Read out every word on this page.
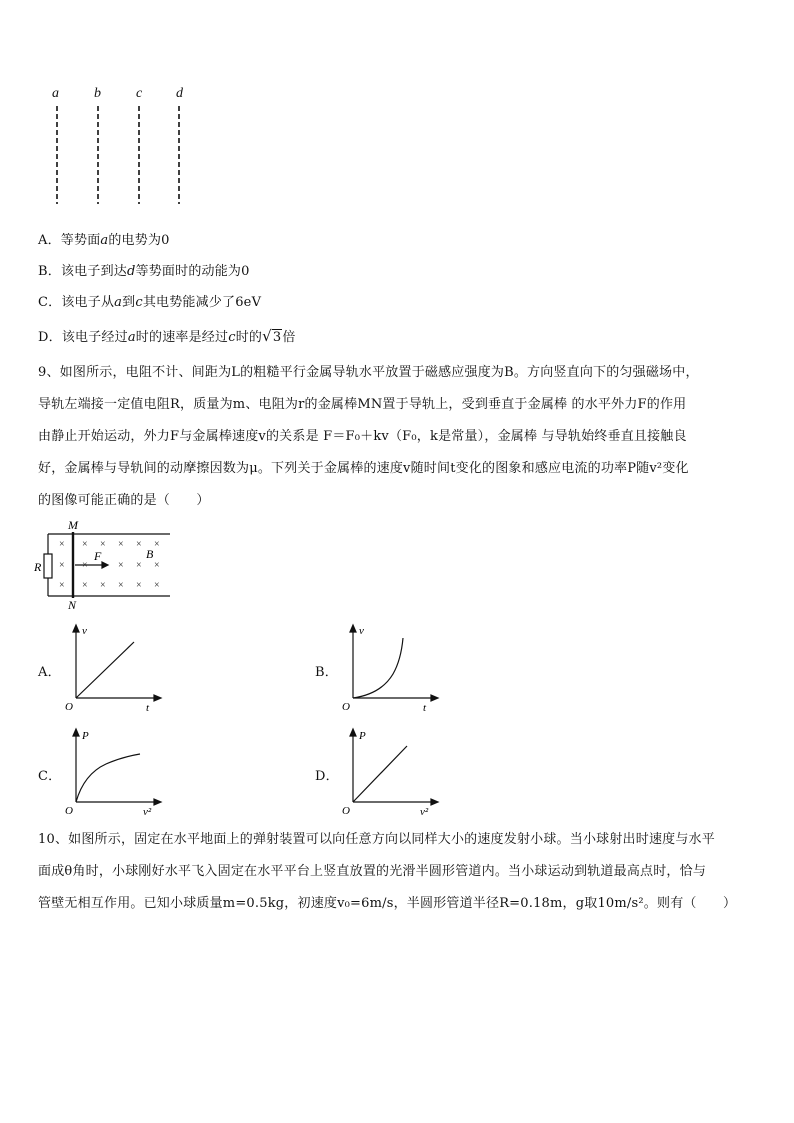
a	b	c d
A．等势面a的电势为0
B．该电子到达d等势面时的动能为0
C．该电子从a到c其电势能减少了6eV
D．该电子经过a时的速率是经过c时的√3倍
9、如图所示，电阻不计、间距为L的粗糙平行金属导轨水平放置于磁感应强度为B。方向竖直向下的匀强磁场中，
导轨左端接一定值电阻R，质量为m、电阻为r的金属棒MN置于导轨上，受到垂直于金属棒 的水平外力F的作用
由静止开始运动，外力F与金属棒速度v的关系是 F＝F₀＋kv（F₀，k是常量），金属棒 与导轨始终垂直且接触良
好，金属棒与导轨间的动摩擦因数为μ。下列关于金属棒的速度v随时间t变化的图象和感应电流的功率P随v²变化
的图像可能正确的是（　　）
×
×
×
× × × × ×
×	× × ×
× × × × ×
M
N
R
F	B
A．
v
t
O
B．
v
t
O
C．
P
v²
O
D．
P
v²
O
10、如图所示，固定在水平地面上的弹射装置可以向任意方向以同样大小的速度发射小球。当小球射出时速度与水平
面成θ角时，小球刚好水平飞入固定在水平平台上竖直放置的光滑半圆形管道内。当小球运动到轨道最高点时，恰与
管壁无相互作用。已知小球质量m=0.5kg，初速度v₀=6m/s，半圆形管道半径R=0.18m，g取10m/s²。则有（　　）
